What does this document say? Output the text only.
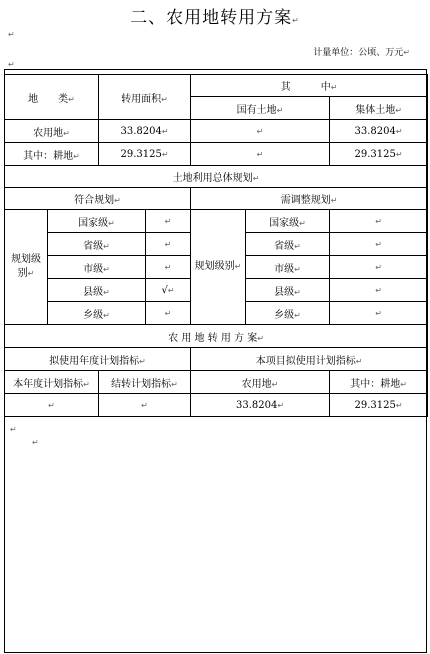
二、农用地转用方案↵
↵
计量单位：公顷、万元↵
↵
地　　类↵		转用面积↵		其　　　中↵		
				国有土地↵		集体土地↵
农用地↵		33.8204↵		↵		33.8204↵
其中：耕地↵		29.3125↵		↵		29.3125↵
土地利用总体规划↵						
符合规划↵				需调整规划↵		
规划级别↵	国家级↵		↵	规划级别↵	国家级↵	↵
	省级↵		↵		省级↵	↵
	市级↵		↵		市级↵	↵
	县级↵		√↵		县级↵	↵
	乡级↵		↵		乡级↵	↵
农 用 地 转 用 方 案↵						
拟使用年度计划指标↵				本项目拟使用计划指标↵		
本年度计划指标↵		结转计划指标↵		农用地↵		其中：耕地↵
↵		↵		33.8204↵		29.3125↵
↵
↵
